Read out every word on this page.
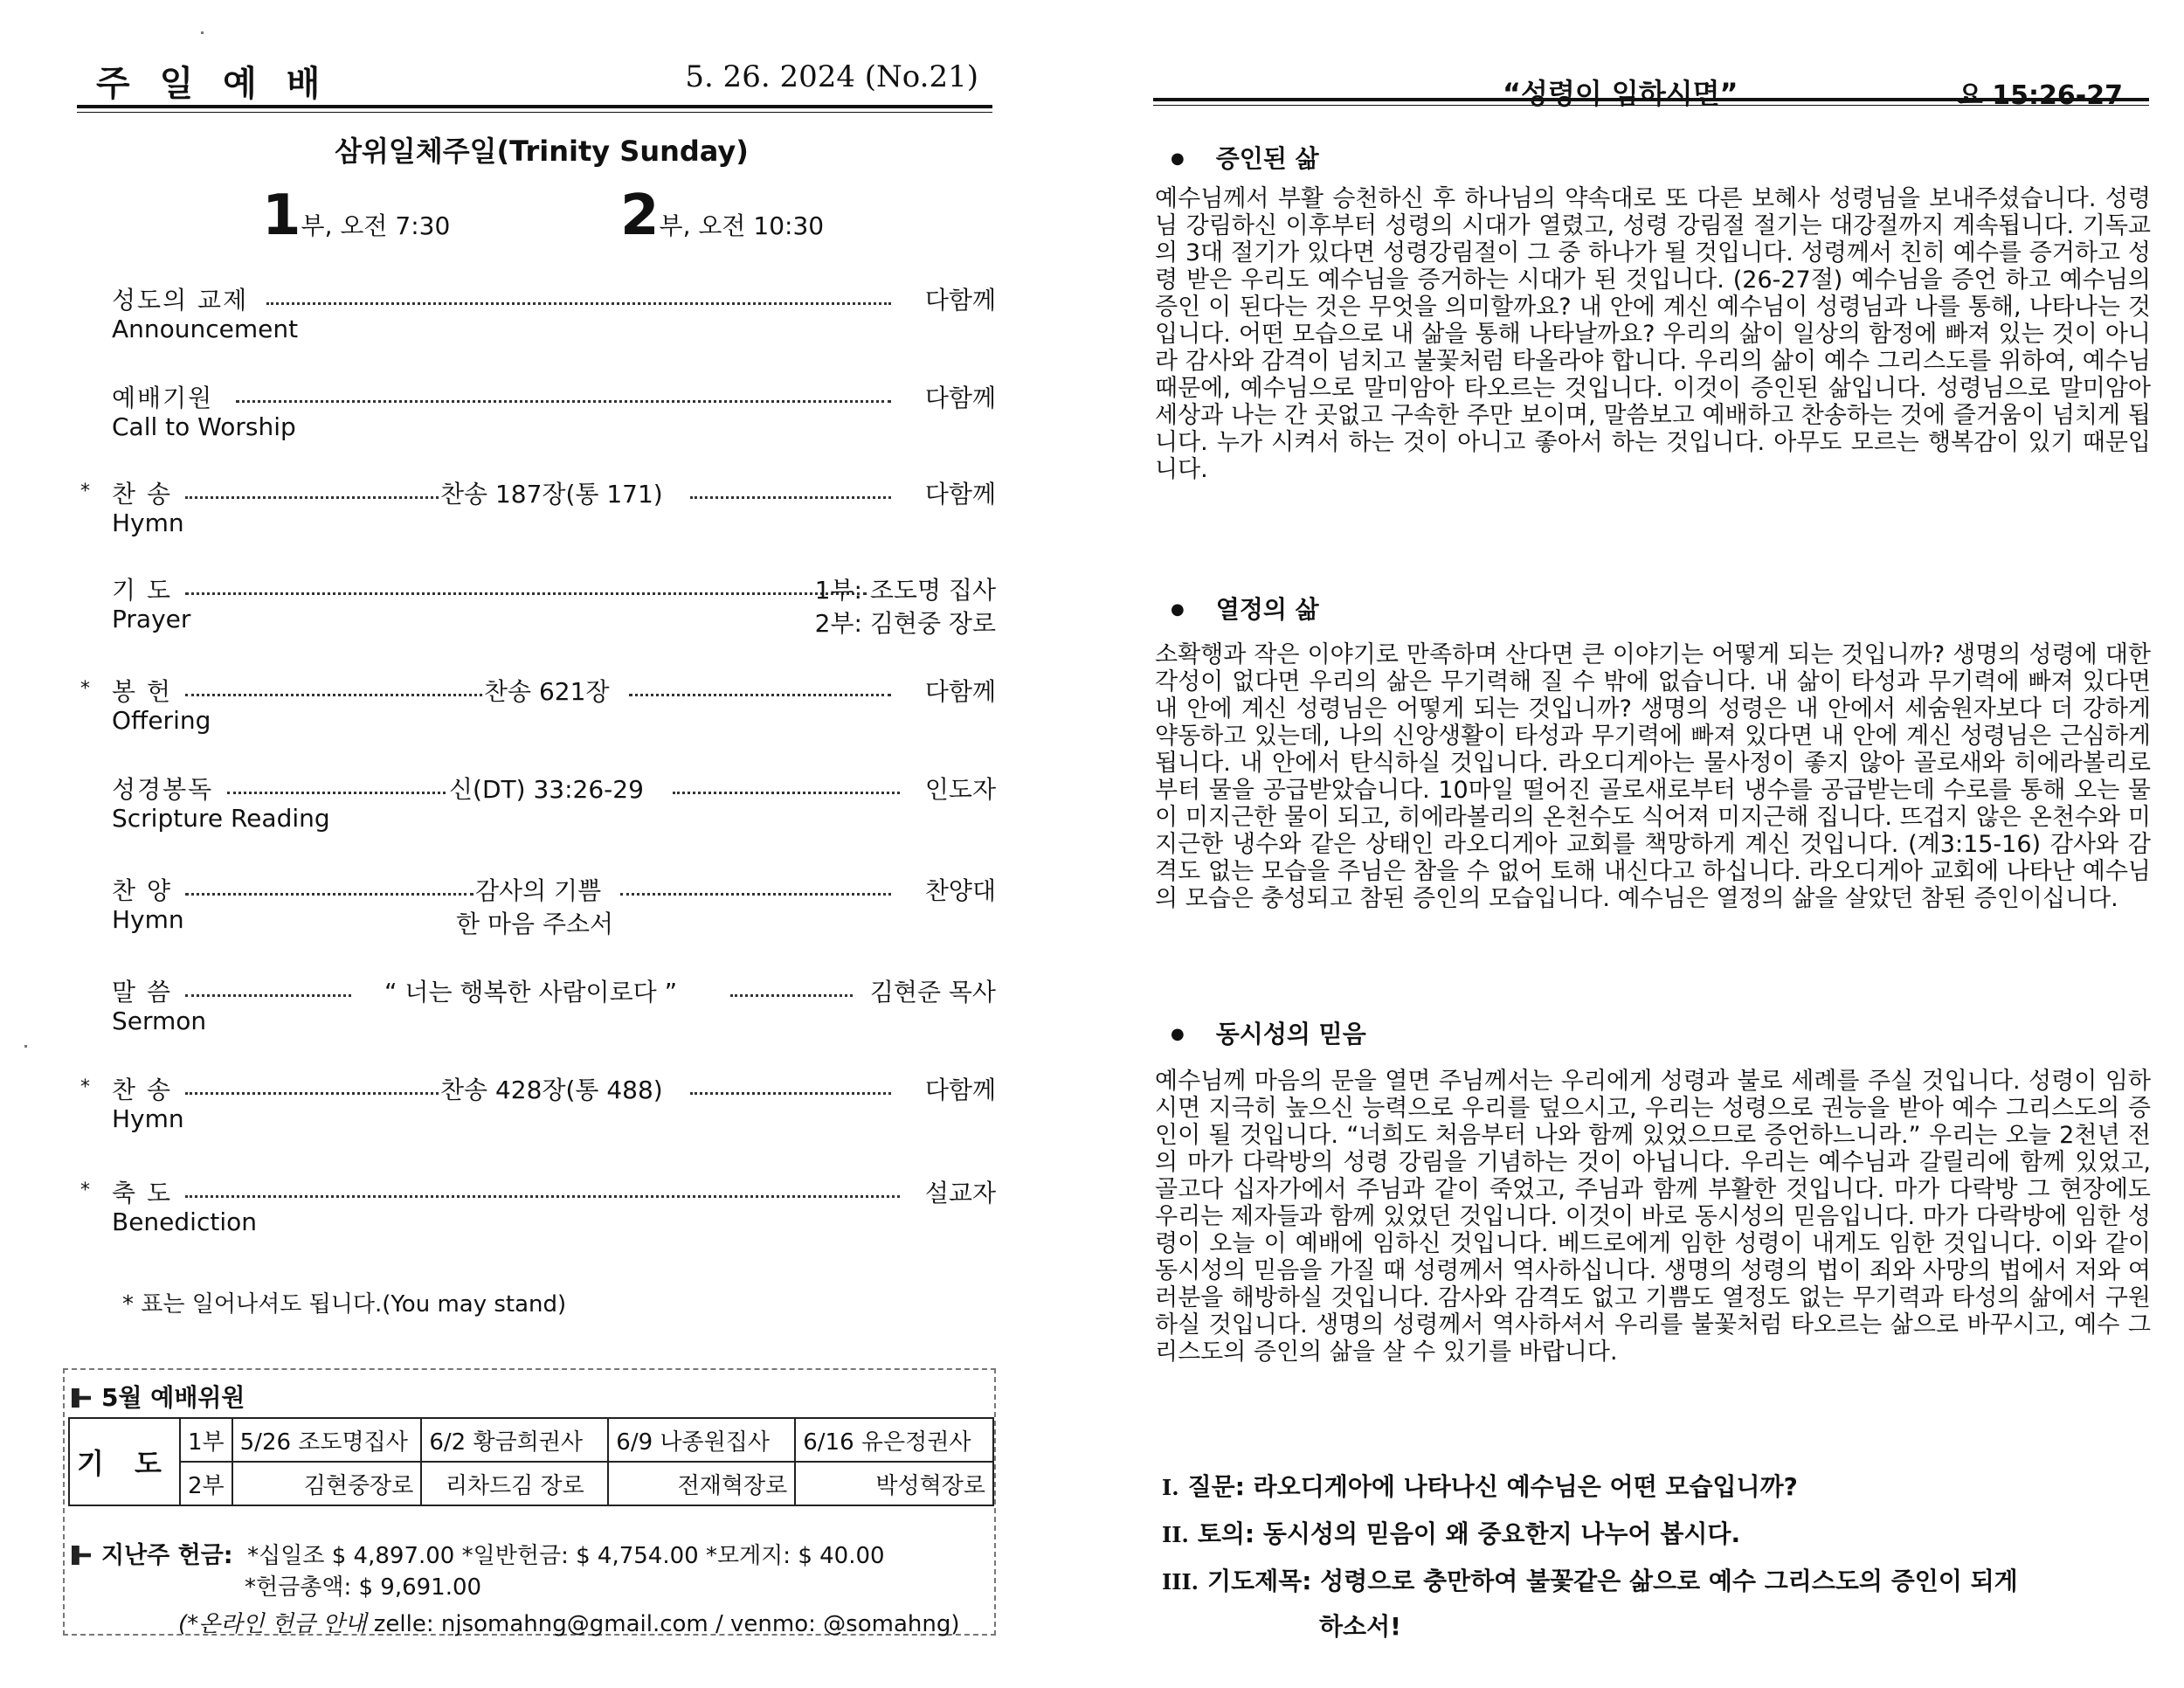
주 일 예 배	5. 26. 2024 (No.21)
삼위일체주일(Trinity Sunday)
1부, 오전 7:30	2부, 오전 10:30
성도의 교제	다함께
Announcement
예배기원	다함께
Call to Worship
* 찬 송	찬송 187장(통 171)	다함께
Hymn
기 도	1부: 조도명 집사
Prayer	2부: 김현중 장로
* 봉 헌	찬송 621장	다함께
Offering
성경봉독	신(DT) 33:26-29	인도자
Scripture Reading
찬 양	감사의 기쁨	찬양대
Hymn	한 마음 주소서
말 씀	“ 너는 행복한 사람이로다 ”	김현준 목사
Sermon
* 찬 송	찬송 428장(통 488)	다함께
Hymn
* 축 도	설교자
Benediction
* 표는 일어나셔도 됩니다.(You may stand)
5월 예배위원
기 도	1부	5/26 조도명집사	6/2 황금희권사	6/9 나종원집사	6/16 유은정권사
	2부	김현중장로	리차드김 장로	전재혁장로	박성혁장로
지난주 헌금: *십일조 $ 4,897.00 *일반헌금: $ 4,754.00 *모게지: $ 40.00
*헌금총액: $ 9,691.00
(*온라인 헌금 안내 zelle: njsomahng@gmail.com / venmo: @somahng)
“성령이 임하시면”	요 15:26-27
● 증인된 삶
예수님께서 부활 승천하신 후 하나님의 약속대로 또 다른 보혜사 성령님을 보내주셨습니다. 성령님 강림하신 이후부터 성령의 시대가 열렸고, 성령 강림절 절기는 대강절까지 계속됩니다. 기독교의 3대 절기가 있다면 성령강림절이 그 중 하나가 될 것입니다. 성령께서 친히 예수를 증거하고 성령 받은 우리도 예수님을 증거하는 시대가 된 것입니다. (26-27절) 예수님을 증언 하고 예수님의 증인 이 된다는 것은 무엇을 의미할까요? 내 안에 계신 예수님이 성령님과 나를 통해, 나타나는 것입니다. 어떤 모습으로 내 삶을 통해 나타날까요? 우리의 삶이 일상의 함정에 빠져 있는 것이 아니라 감사와 감격이 넘치고 불꽃처럼 타올라야 합니다. 우리의 삶이 예수 그리스도를 위하여, 예수님 때문에, 예수님으로 말미암아 타오르는 것입니다. 이것이 증인된 삶입니다. 성령님으로 말미암아 세상과 나는 간 곳없고 구속한 주만 보이며, 말씀보고 예배하고 찬송하는 것에 즐거움이 넘치게 됩니다. 누가 시켜서 하는 것이 아니고 좋아서 하는 것입니다. 아무도 모르는 행복감이 있기 때문입니다.
● 열정의 삶
소확행과 작은 이야기로 만족하며 산다면 큰 이야기는 어떻게 되는 것입니까? 생명의 성령에 대한 각성이 없다면 우리의 삶은 무기력해 질 수 밖에 없습니다. 내 삶이 타성과 무기력에 빠져 있다면 내 안에 계신 성령님은 어떻게 되는 것입니까? 생명의 성령은 내 안에서 세숨원자보다 더 강하게 약동하고 있는데, 나의 신앙생활이 타성과 무기력에 빠져 있다면 내 안에 계신 성령님은 근심하게 됩니다. 내 안에서 탄식하실 것입니다. 라오디게아는 물사정이 좋지 않아 골로새와 히에라볼리로부터 물을 공급받았습니다. 10마일 떨어진 골로새로부터 냉수를 공급받는데 수로를 통해 오는 물이 미지근한 물이 되고, 히에라볼리의 온천수도 식어져 미지근해 집니다. 뜨겁지 않은 온천수와 미지근한 냉수와 같은 상태인 라오디게아 교회를 책망하게 계신 것입니다. (계3:15-16) 감사와 감격도 없는 모습을 주님은 참을 수 없어 토해 내신다고 하십니다. 라오디게아 교회에 나타난 예수님의 모습은 충성되고 참된 증인의 모습입니다. 예수님은 열정의 삶을 살았던 참된 증인이십니다.
● 동시성의 믿음
예수님께 마음의 문을 열면 주님께서는 우리에게 성령과 불로 세례를 주실 것입니다. 성령이 임하시면 지극히 높으신 능력으로 우리를 덮으시고, 우리는 성령으로 권능을 받아 예수 그리스도의 증인이 될 것입니다. “너희도 처음부터 나와 함께 있었으므로 증언하느니라.” 우리는 오늘 2천년 전의 마가 다락방의 성령 강림을 기념하는 것이 아닙니다. 우리는 예수님과 갈릴리에 함께 있었고, 골고다 십자가에서 주님과 같이 죽었고, 주님과 함께 부활한 것입니다. 마가 다락방 그 현장에도 우리는 제자들과 함께 있었던 것입니다. 이것이 바로 동시성의 믿음입니다. 마가 다락방에 임한 성령이 오늘 이 예배에 임하신 것입니다. 베드로에게 임한 성령이 내게도 임한 것입니다. 이와 같이 동시성의 믿음을 가질 때 성령께서 역사하십니다. 생명의 성령의 법이 죄와 사망의 법에서 저와 여러분을 해방하실 것입니다. 감사와 감격도 없고 기쁨도 열정도 없는 무기력과 타성의 삶에서 구원하실 것입니다. 생명의 성령께서 역사하셔서 우리를 불꽃처럼 타오르는 삶으로 바꾸시고, 예수 그리스도의 증인의 삶을 살 수 있기를 바랍니다.
I. 질문: 라오디게아에 나타나신 예수님은 어떤 모습입니까?
II. 토의: 동시성의 믿음이 왜 중요한지 나누어 봅시다.
III. 기도제목: 성령으로 충만하여 불꽃같은 삶으로 예수 그리스도의 증인이 되게
하소서!
